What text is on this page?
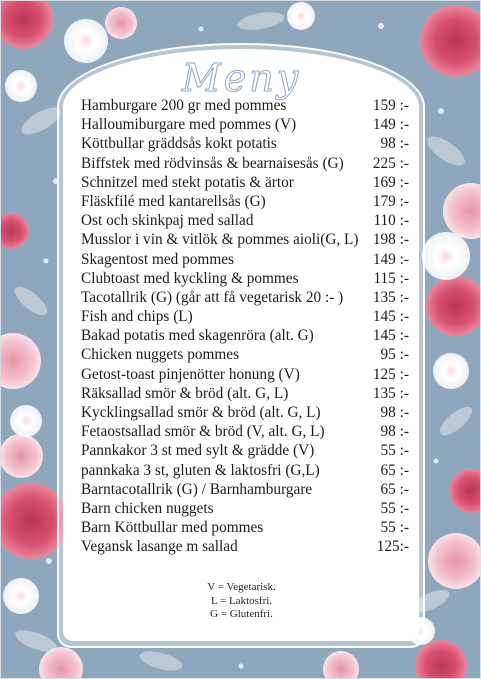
Meny
Hamburgare 200 gr med pommes	159 :-
Halloumiburgare med pommes (V)	149 :-
Köttbullar gräddsås kokt potatis	98 :-
Biffstek med rödvinsås & bearnaisesås (G) 225 :-
Schnitzel med stekt potatis & ärtor	169 :-
Fläskfilé med kantarellsås (G)	179 :-
Ost och skinkpaj med sallad	110 :-
Musslor i vin & vitlök & pommes aioli(G, L) 198 :-
Skagentost med pommes	149 :-
Clubtoast med kyckling & pommes	115 :-
Tacotallrik (G) (går att få vegetarisk 20 :- ) 135 :-
Fish and chips (L)	145 :-
Bakad potatis med skagenröra (alt. G)	145 :-
Chicken nuggets pommes	95 :-
Getost-toast pinjenötter honung (V)	125 :-
Räksallad smör & bröd (alt. G, L)	135 :-
Kycklingsallad smör & bröd (alt. G, L)	98 :-
Fetaostsallad smör & bröd (V, alt. G, L)	98 :-
Pannkakor 3 st med sylt & grädde (V)	55 :-
pannkaka 3 st, gluten & laktosfri (G,L)	65 :-
Barntacotallrik (G) / Barnhamburgare	65 :-
Barn chicken nuggets	55 :-
Barn Köttbullar med pommes	55 :-
Vegansk lasange m sallad	125:-
V = Vegetarisk.
L = Laktosfri.
G = Glutenfri.
